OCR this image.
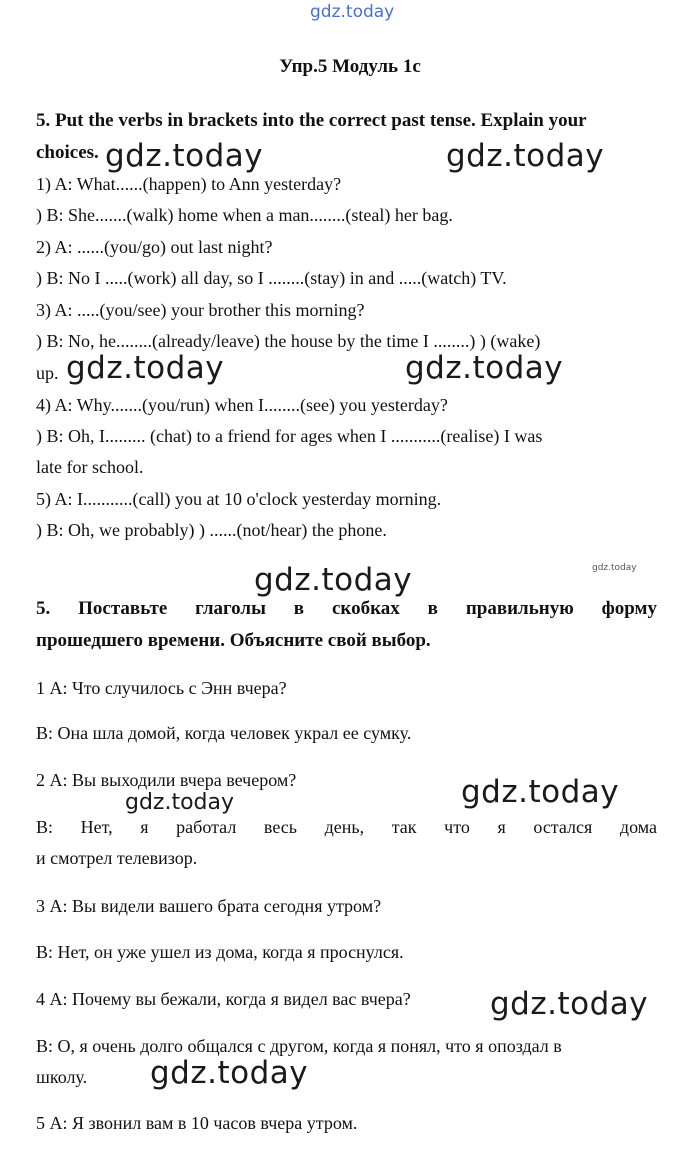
gdz.today
gdz.today	gdz.today
gdz.today	gdz.today
gdz.today	gdz.today
gdz.today
gdz.today
gdz.today
gdz.today
Упр.5 Модуль 1с
5. Put the verbs in brackets into the correct past tense. Explain your
choices.
1) A: What......(happen) to Ann yesterday?
) B: She.......(walk) home when a man........(steal) her bag.
2) A: ......(you/go) out last night?
) B: No I .....(work) all day, so I ........(stay) in and .....(watch) TV.
3) A: .....(you/see) your brother this morning?
) B: No, he........(already/leave) the house by the time I ........) ) (wake)
up.
4) A: Why.......(you/run) when I........(see) you yesterday?
) B: Oh, I......... (chat) to a friend for ages when I ...........(realise) I was
late for school.
5) A: I...........(call) you at 10 o'clock yesterday morning.
) B: Oh, we probably) ) ......(not/hear) the phone.
5. Поставьте глаголы в скобках в правильную форму
прошедшего времени. Объясните свой выбор.
1 А: Что случилось с Энн вчера?
В: Она шла домой, когда человек украл ее сумку.
2 А: Вы выходили вчера вечером?
В: Нет, я работал весь день, так что я остался дома
и смотрел телевизор.
3 А: Вы видели вашего брата сегодня утром?
В: Нет, он уже ушел из дома, когда я проснулся.
4 А: Почему вы бежали, когда я видел вас вчера?
В: О, я очень долго общался с другом, когда я понял, что я опоздал в
школу.
5 А: Я звонил вам в 10 часов вчера утром.
